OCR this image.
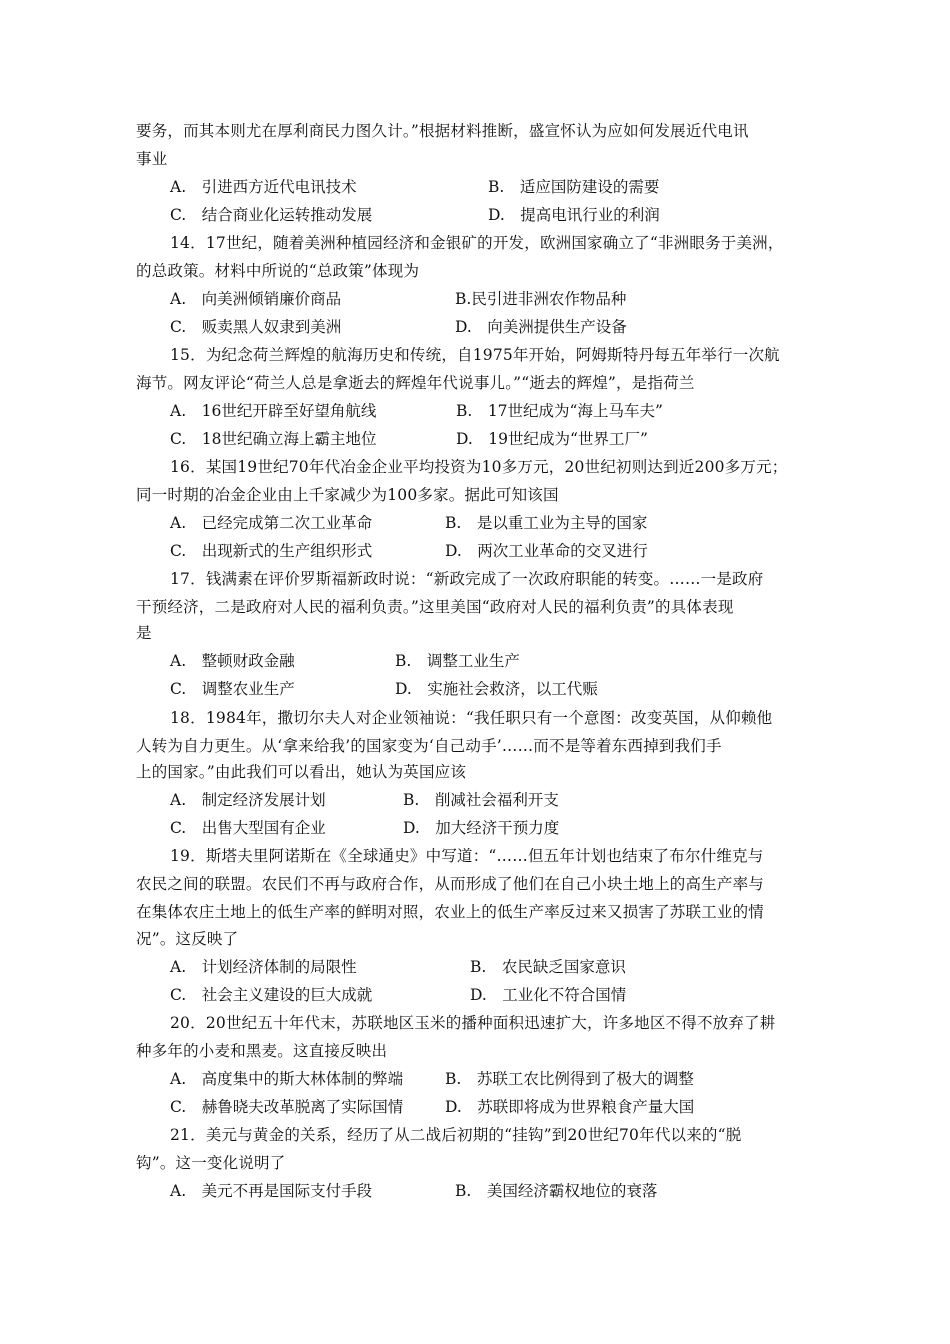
要务，而其本则尤在厚利商民力图久计。”根据材料推断，盛宣怀认为应如何发展近代电讯
事业
A.　引进西方近代电讯技术	B.　适应国防建设的需要
C.　结合商业化运转推动发展	D.　提高电讯行业的利润
14．17世纪，随着美洲种植园经济和金银矿的开发，欧洲国家确立了“非洲眼务于美洲，
的总政策。材料中所说的“总政策”体现为
A.　向美洲倾销廉价商品	B.民引进非洲农作物品种
C.　贩卖黑人奴隶到美洲	D.　向美洲提供生产设备
15．为纪念荷兰辉煌的航海历史和传统，自1975年开始，阿姆斯特丹每五年举行一次航
海节。网友评论“荷兰人总是拿逝去的辉煌年代说事儿。”“逝去的辉煌”，是指荷兰
A.　16世纪开辟至好望角航线	B.　17世纪成为“海上马车夫”
C.　18世纪确立海上霸主地位	D.　19世纪成为“世界工厂”
16．某国19世纪70年代冶金企业平均投资为10多万元，20世纪初则达到近200多万元；
同一时期的冶金企业由上千家减少为100多家。据此可知该国
A.　已经完成第二次工业革命	B.　是以重工业为主导的国家
C.　出现新式的生产组织形式	D.　两次工业革命的交叉进行
17．钱满素在评价罗斯福新政时说：“新政完成了一次政府职能的转变。……一是政府
干预经济，二是政府对人民的福利负责。”这里美国“政府对人民的福利负责”的具体表现
是
A.　整顿财政金融	B.　调整工业生产
C.　调整农业生产	D.　实施社会救济，以工代赈
18．1984年，撒切尔夫人对企业领袖说：“我任职只有一个意图：改变英国，从仰赖他
人转为自力更生。从‘拿来给我’的国家变为‘自己动手’……而不是等着东西掉到我们手
上的国家。”由此我们可以看出，她认为英国应该
A.　制定经济发展计划	B.　削减社会福利开支
C.　出售大型国有企业	D.　加大经济干预力度
19．斯塔夫里阿诺斯在《全球通史》中写道：“……但五年计划也结束了布尔什维克与
农民之间的联盟。农民们不再与政府合作，从而形成了他们在自己小块土地上的高生产率与
在集体农庄土地上的低生产率的鲜明对照，农业上的低生产率反过来又损害了苏联工业的情
况”。这反映了
A.　计划经济体制的局限性	B.　农民缺乏国家意识
C.　社会主义建设的巨大成就	D.　工业化不符合国情
20．20世纪五十年代末，苏联地区玉米的播种面积迅速扩大，许多地区不得不放弃了耕
种多年的小麦和黑麦。这直接反映出
A.　高度集中的斯大林体制的弊端	B.　苏联工农比例得到了极大的调整
C.　赫鲁晓夫改革脱离了实际国情	D.　苏联即将成为世界粮食产量大国
21．美元与黄金的关系，经历了从二战后初期的“挂钩”到20世纪70年代以来的“脱
钩”。这一变化说明了
A.　美元不再是国际支付手段	B.　美国经济霸权地位的衰落
